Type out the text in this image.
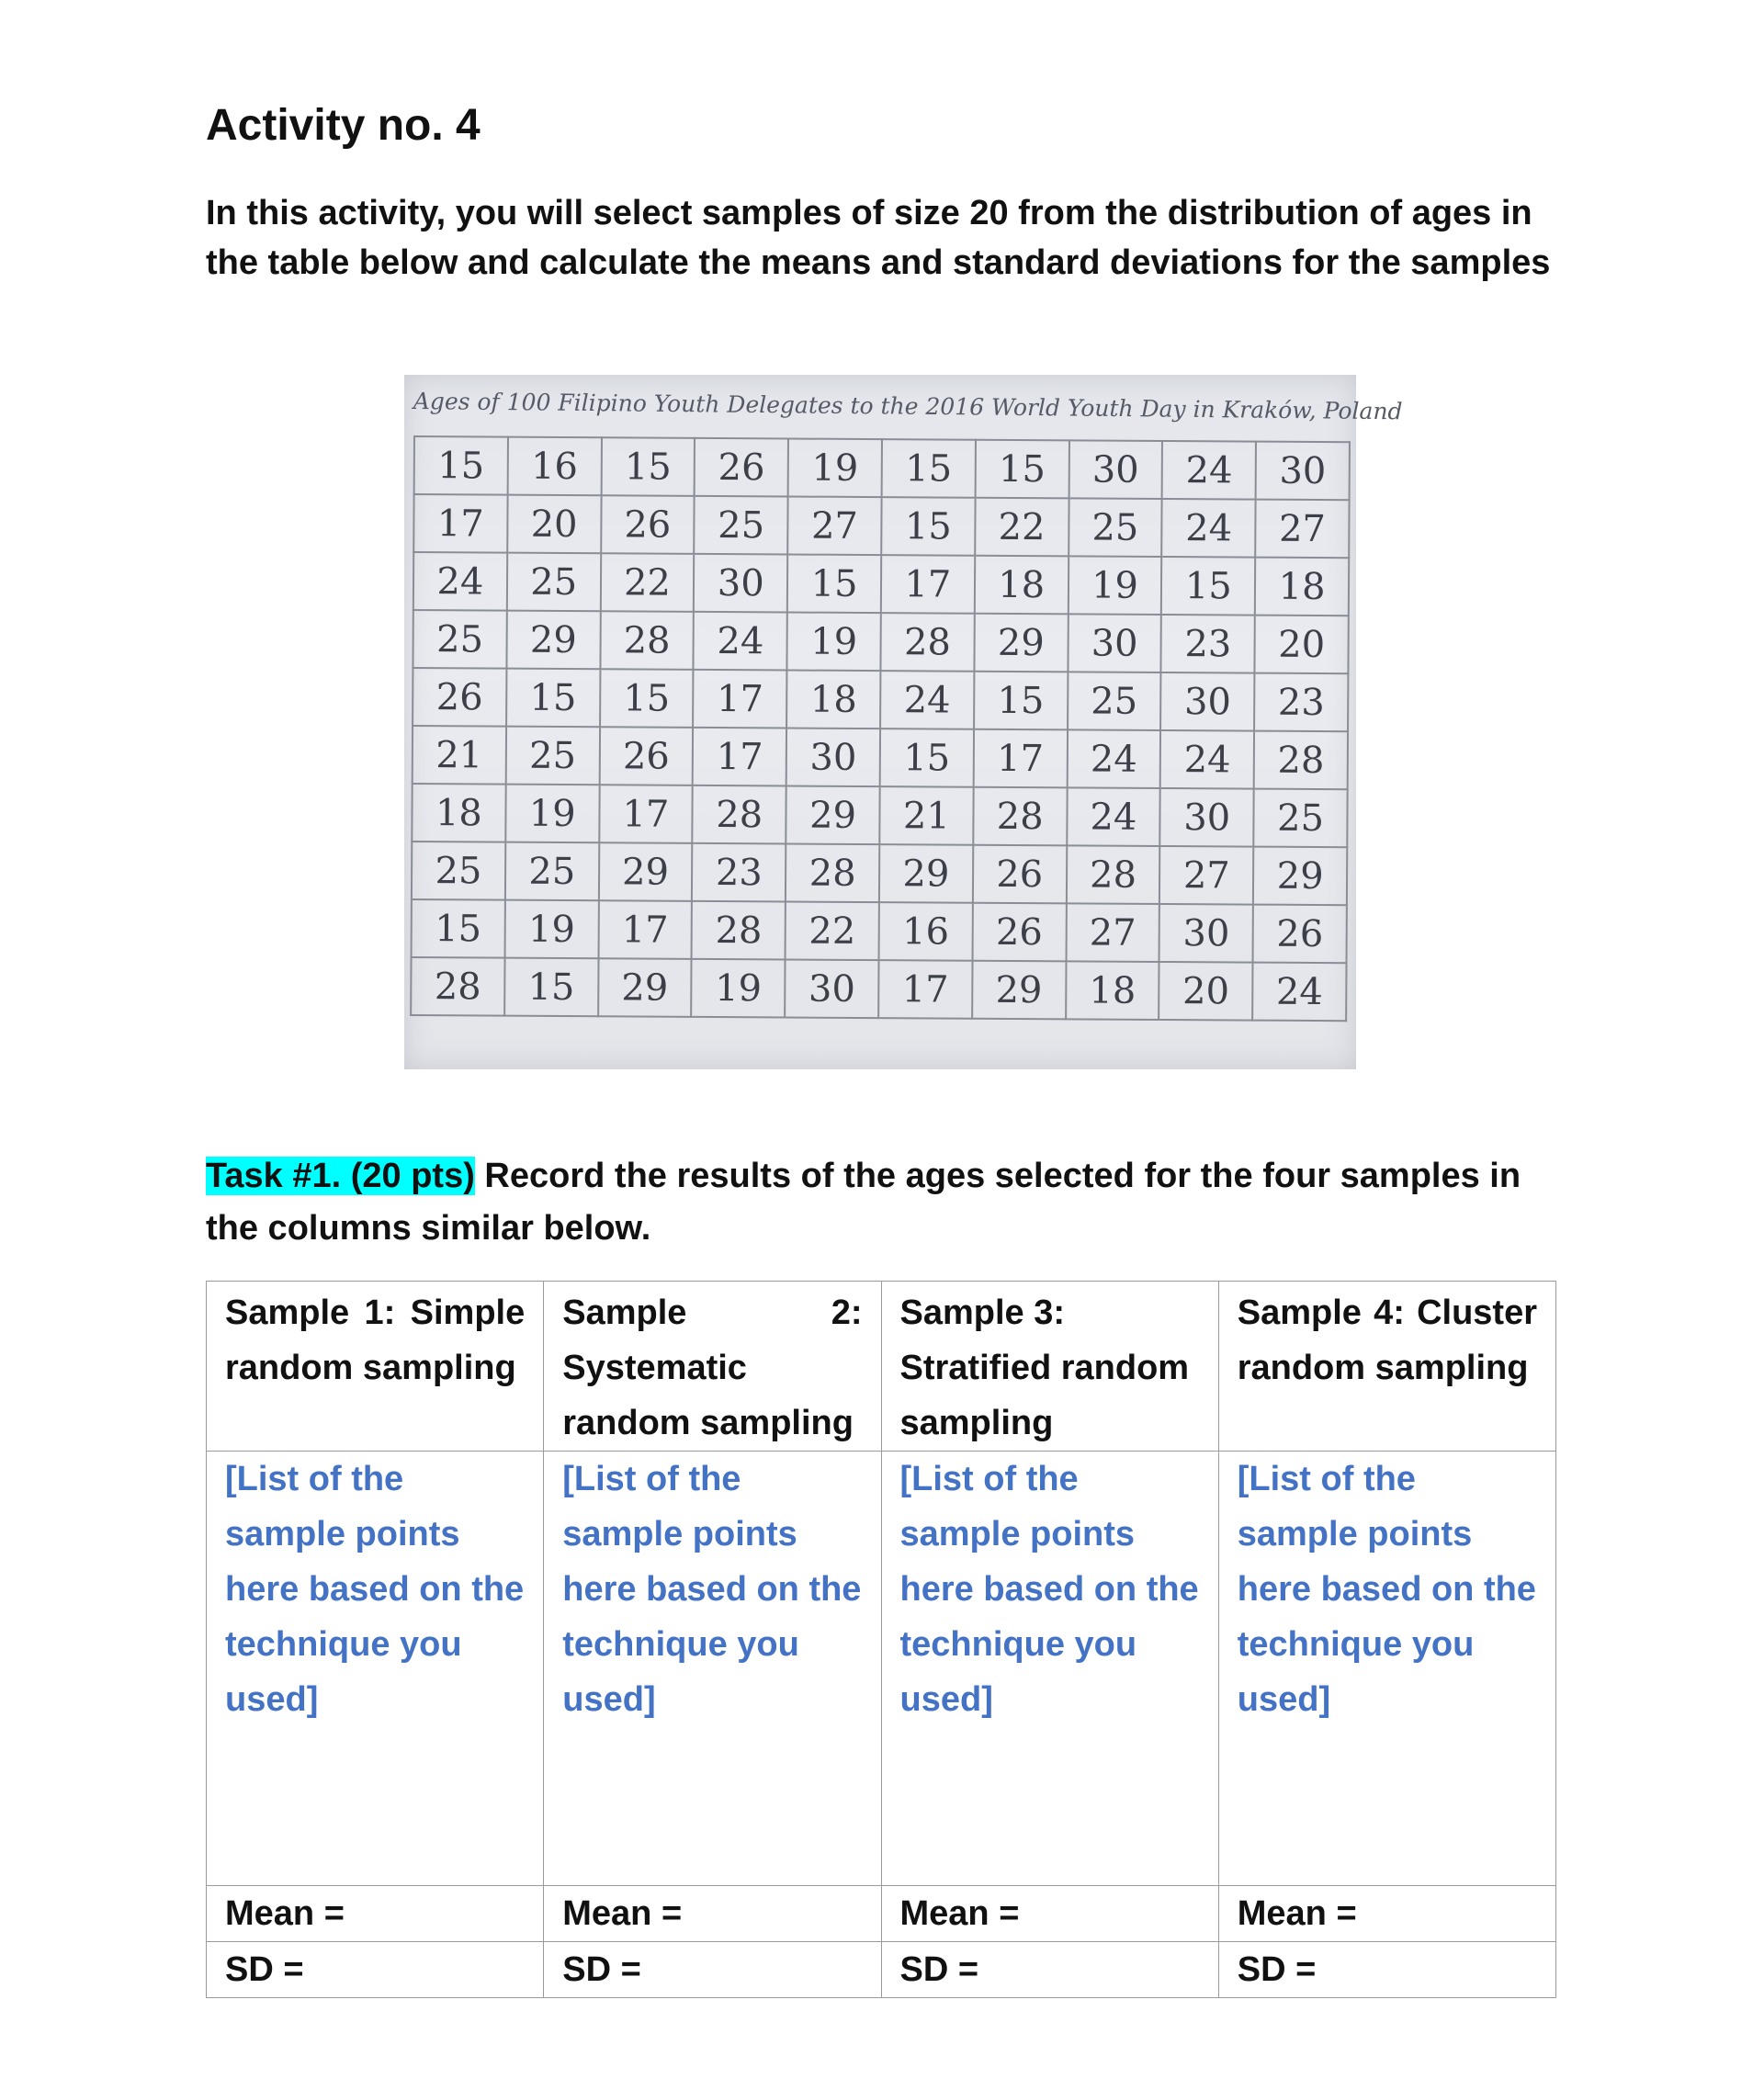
Activity no. 4

In this activity, you will select samples of size 20 from the distribution of ages in the table below and calculate the means and standard deviations for the samples

Ages of 100 Filipino Youth Delegates to the 2016 World Youth Day in Kraków, Poland
15	16	15	26	19	15	15	30	24	30
17	20	26	25	27	15	22	25	24	27
24	25	22	30	15	17	18	19	15	18
25	29	28	24	19	28	29	30	23	20
26	15	15	17	18	24	15	25	30	23
21	25	26	17	30	15	17	24	24	28
18	19	17	28	29	21	28	24	30	25
25	25	29	23	28	29	26	28	27	29
15	19	17	28	22	16	26	27	30	26
28	15	29	19	30	17	29	18	20	24

Task #1. (20 pts) Record the results of the ages selected for the four samples in the columns similar below.

Sample 1: Simple random sampling	Sample 2: Systematic random sampling	Sample 3: Stratified random sampling	Sample 4: Cluster random sampling
[List of the sample points here based on the technique you used]	[List of the sample points here based on the technique you used]	[List of the sample points here based on the technique you used]	[List of the sample points here based on the technique you used]
Mean =	Mean =	Mean =	Mean =
SD =	SD =	SD =	SD =
